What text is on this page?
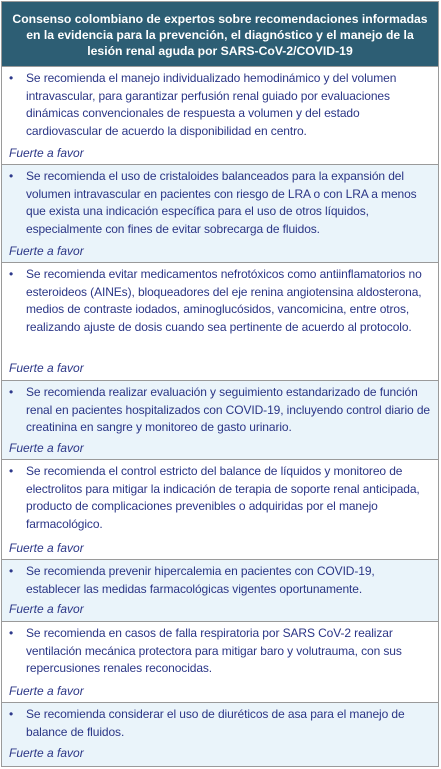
Consenso colombiano de expertos sobre recomendaciones informadas en la evidencia para la prevención, el diagnóstico y el manejo de la lesión renal aguda por SARS-CoV-2/COVID-19
• Se recomienda el manejo individualizado hemodinámico y del volumen intravascular, para garantizar perfusión renal guiado por evaluaciones dinámicas convencionales de respuesta a volumen y del estado cardiovascular de acuerdo la disponibilidad en centro.
Fuerte a favor
• Se recomienda el uso de cristaloides balanceados para la expansión del volumen intravascular en pacientes con riesgo de LRA o con LRA a menos que exista una indicación específica para el uso de otros líquidos, especialmente con fines de evitar sobrecarga de fluidos.
Fuerte a favor
• Se recomienda evitar medicamentos nefrotóxicos como antiinflamatorios no esteroideos (AINEs), bloqueadores del eje renina angiotensina aldosterona, medios de contraste iodados, aminoglucósidos, vancomicina, entre otros, realizando ajuste de dosis cuando sea pertinente de acuerdo al protocolo.
Fuerte a favor
• Se recomienda realizar evaluación y seguimiento estandarizado de función renal en pacientes hospitalizados con COVID-19, incluyendo control diario de creatinina en sangre y monitoreo de gasto urinario.
Fuerte a favor
• Se recomienda el control estricto del balance de líquidos y monitoreo de electrolitos para mitigar la indicación de terapia de soporte renal anticipada, producto de complicaciones prevenibles o adquiridas por el manejo farmacológico.
Fuerte a favor
• Se recomienda prevenir hipercalemia en pacientes con COVID-19, establecer las medidas farmacológicas vigentes oportunamente.
Fuerte a favor
• Se recomienda en casos de falla respiratoria por SARS CoV-2 realizar ventilación mecánica protectora para mitigar baro y volutrauma, con sus repercusiones renales reconocidas.
Fuerte a favor
• Se recomienda considerar el uso de diuréticos de asa para el manejo de balance de fluidos.
Fuerte a favor
